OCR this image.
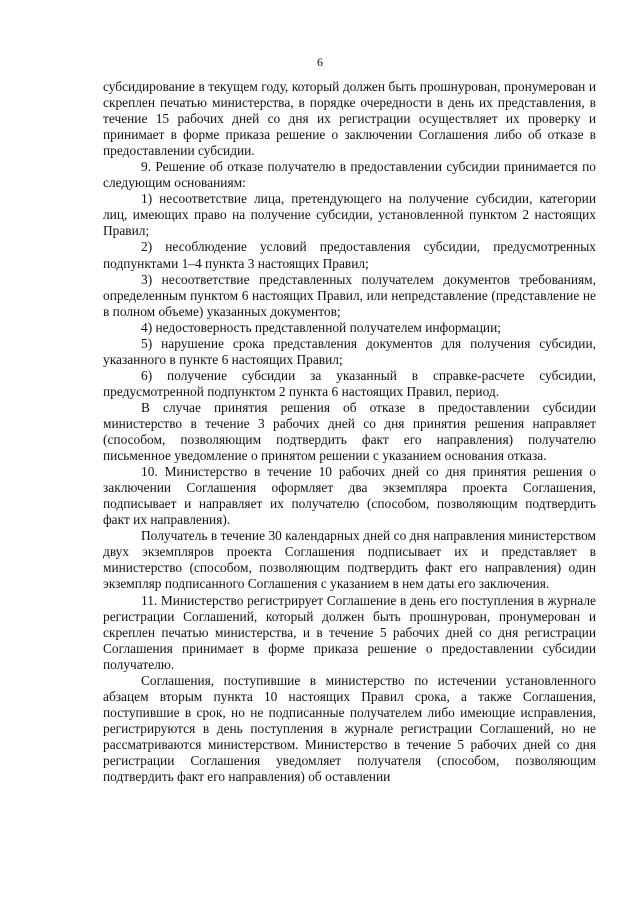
6

субсидирование в текущем году, который должен быть прошнурован, пронумерован и скреплен печатью министерства, в порядке очередности в день их представления, в течение 15 рабочих дней со дня их регистрации осуществляет их проверку и принимает в форме приказа решение о заключении Соглашения либо об отказе в предоставлении субсидии.

9. Решение об отказе получателю в предоставлении субсидии принимается по следующим основаниям:

1) несоответствие лица, претендующего на получение субсидии, категории лиц, имеющих право на получение субсидии, установленной пунктом 2 настоящих Правил;

2) несоблюдение условий предоставления субсидии, предусмотренных подпунктами 1–4 пункта 3 настоящих Правил;

3) несоответствие представленных получателем документов требованиям, определенным пунктом 6 настоящих Правил, или непредставление (представление не в полном объеме) указанных документов;

4) недостоверность представленной получателем информации;

5) нарушение срока представления документов для получения субсидии, указанного в пункте 6 настоящих Правил;

6) получение субсидии за указанный в справке-расчете субсидии, предусмотренной подпунктом 2 пункта 6 настоящих Правил, период.

В случае принятия решения об отказе в предоставлении субсидии министерство в течение 3 рабочих дней со дня принятия решения направляет (способом, позволяющим подтвердить факт его направления) получателю письменное уведомление о принятом решении с указанием основания отказа.

10. Министерство в течение 10 рабочих дней со дня принятия решения о заключении Соглашения оформляет два экземпляра проекта Соглашения, подписывает и направляет их получателю (способом, позволяющим подтвердить факт их направления).

Получатель в течение 30 календарных дней со дня направления министерством двух экземпляров проекта Соглашения подписывает их и представляет в министерство (способом, позволяющим подтвердить факт его направления) один экземпляр подписанного Соглашения с указанием в нем даты его заключения.

11. Министерство регистрирует Соглашение в день его поступления в журнале регистрации Соглашений, который должен быть прошнурован, пронумерован и скреплен печатью министерства, и в течение 5 рабочих дней со дня регистрации Соглашения принимает в форме приказа решение о предоставлении субсидии получателю.

Соглашения, поступившие в министерство по истечении установленного абзацем вторым пункта 10 настоящих Правил срока, а также Соглашения, поступившие в срок, но не подписанные получателем либо имеющие исправления, регистрируются в день поступления в журнале регистрации Соглашений, но не рассматриваются министерством. Министерство в течение 5 рабочих дней со дня регистрации Соглашения уведомляет получателя (способом, позволяющим подтвердить факт его направления) об оставлении
